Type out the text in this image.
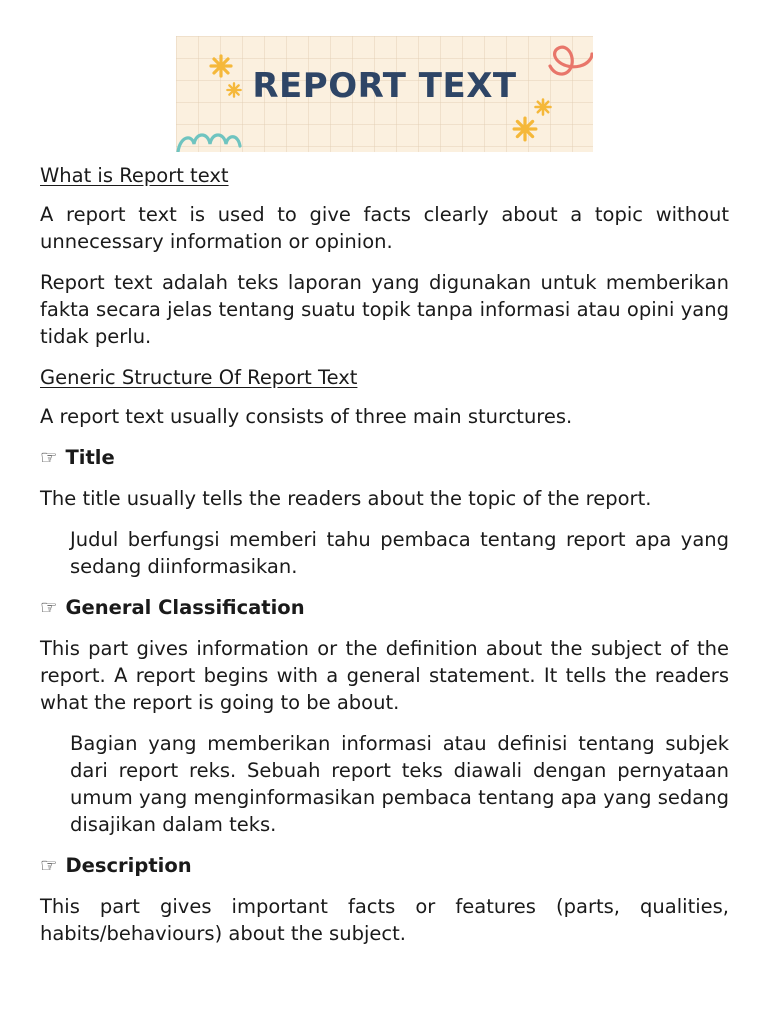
REPORT TEXT

What is Report text

A report text is used to give facts clearly about a topic without unnecessary information or opinion.

Report text adalah teks laporan yang digunakan untuk memberikan fakta secara jelas tentang suatu topik tanpa informasi atau opini yang tidak perlu.

Generic Structure Of Report Text

A report text usually consists of three main sturctures.

☞ Title

The title usually tells the readers about the topic of the report.

Judul berfungsi memberi tahu pembaca tentang report apa yang sedang diinformasikan.

☞ General Classification

This part gives information or the definition about the subject of the report. A report begins with a general statement. It tells the readers what the report is going to be about.

Bagian yang memberikan informasi atau definisi tentang subjek dari report reks. Sebuah report teks diawali dengan pernyataan umum yang menginformasikan pembaca tentang apa yang sedang disajikan dalam teks.

☞ Description

This part gives important facts or features (parts, qualities, habits/behaviours) about the subject.
